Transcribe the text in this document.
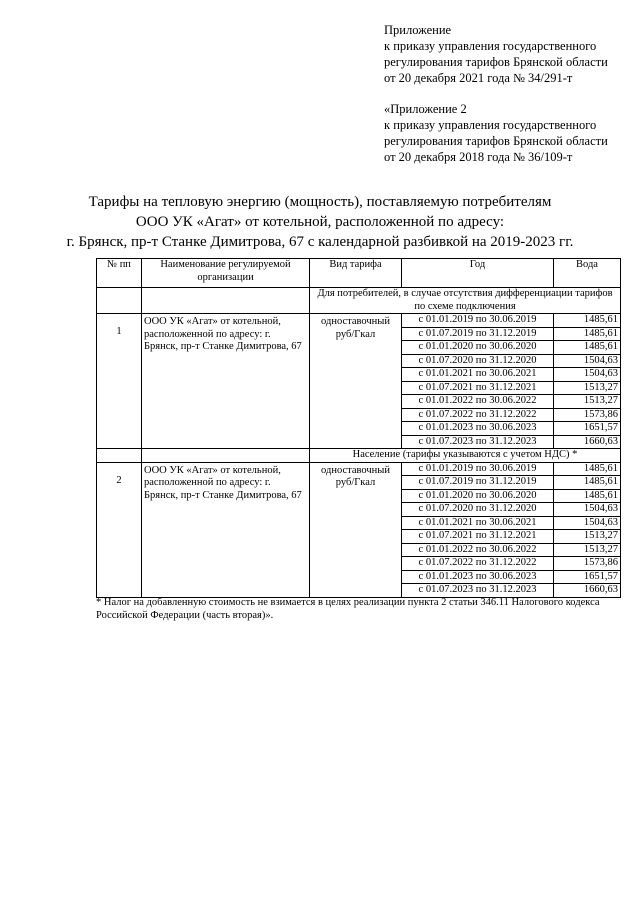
Приложение
к приказу управления государственного
регулирования тарифов Брянской области
от 20 декабря 2021 года № 34/291-т
«Приложение 2
к приказу управления государственного
регулирования тарифов Брянской области
от 20 декабря 2018 года № 36/109-т
Тарифы на тепловую энергию (мощность), поставляемую потребителям
ООО УК «Агат» от котельной, расположенной по адресу:
г. Брянск, пр-т Станке Димитрова, 67 с календарной разбивкой на 2019-2023 гг.
№ пп	Наименование регулируемой организации	Вид тарифа	Год	Вода
		Для потребителей, в случае отсутствия дифференциации тарифов по схеме подключения		
1	ООО УК «Агат» от котельной, расположенной по адресу: г. Брянск, пр-т Станке Димитрова, 67	одноставочный руб/Гкал	с 01.01.2019 по 30.06.2019	1485,61
			с 01.07.2019 по 31.12.2019	1485,61
			с 01.01.2020 по 30.06.2020	1485,61
			с 01.07.2020 по 31.12.2020	1504,63
			с 01.01.2021 по 30.06.2021	1504,63
			с 01.07.2021 по 31.12.2021	1513,27
			с 01.01.2022 по 30.06.2022	1513,27
			с 01.07.2022 по 31.12.2022	1573,86
			с 01.01.2023 по 30.06.2023	1651,57
			с 01.07.2023 по 31.12.2023	1660,63
		Население (тарифы указываются с учетом НДС) *		
2	ООО УК «Агат» от котельной, расположенной по адресу: г. Брянск, пр-т Станке Димитрова, 67	одноставочный руб/Гкал	с 01.01.2019 по 30.06.2019	1485,61
			с 01.07.2019 по 31.12.2019	1485,61
			с 01.01.2020 по 30.06.2020	1485,61
			с 01.07.2020 по 31.12.2020	1504,63
			с 01.01.2021 по 30.06.2021	1504,63
			с 01.07.2021 по 31.12.2021	1513,27
			с 01.01.2022 по 30.06.2022	1513,27
			с 01.07.2022 по 31.12.2022	1573,86
			с 01.01.2023 по 30.06.2023	1651,57
			с 01.07.2023 по 31.12.2023	1660,63
* Налог на добавленную стоимость не взимается в целях реализации пункта 2 статьи 346.11 Налогового кодекса Российской Федерации (часть вторая)».
